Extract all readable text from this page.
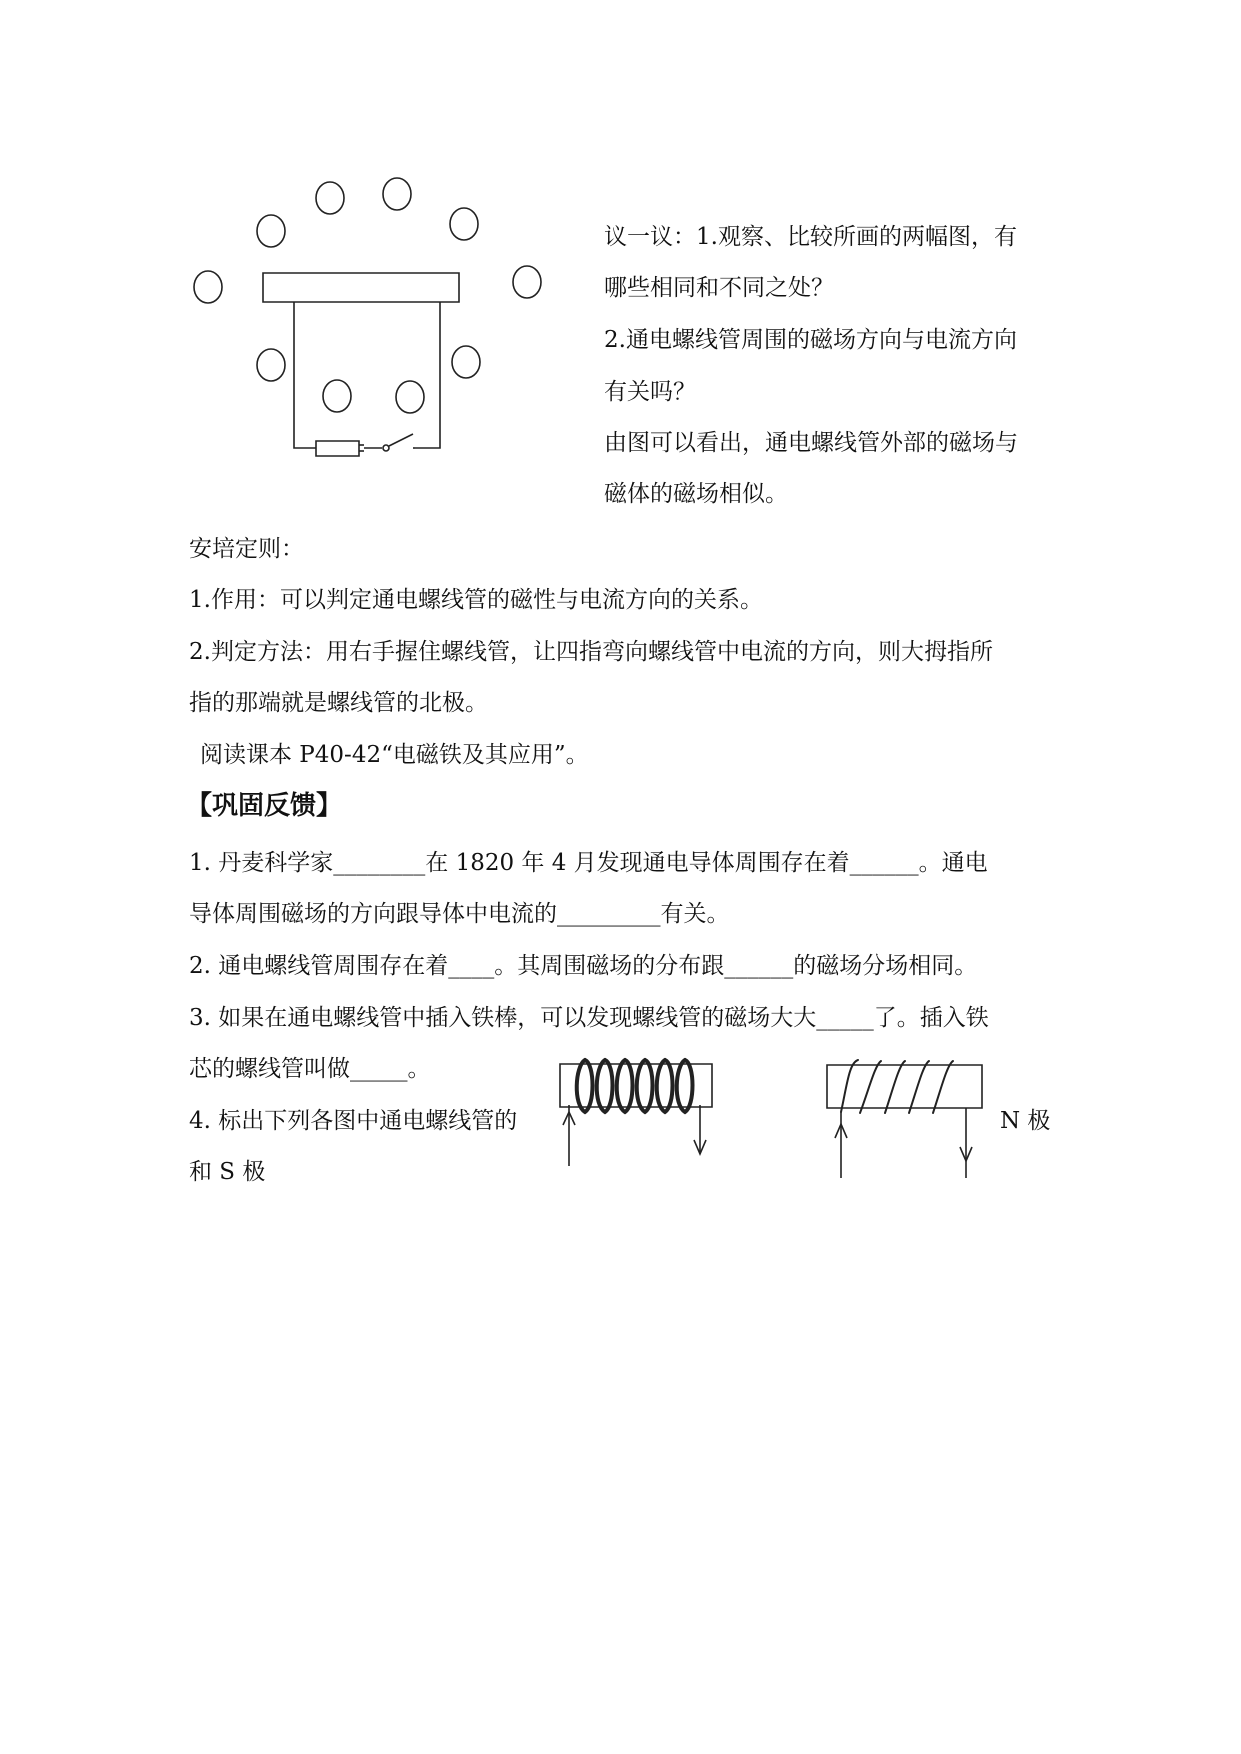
议一议：1.观察、比较所画的两幅图，有
哪些相同和不同之处？
2.通电螺线管周围的磁场方向与电流方向
有关吗？
由图可以看出，通电螺线管外部的磁场与
磁体的磁场相似。
安培定则：
1.作用：可以判定通电螺线管的磁性与电流方向的关系。
2.判定方法：用右手握住螺线管，让四指弯向螺线管中电流的方向，则大拇指所
指的那端就是螺线管的北极。
阅读课本 P40-42“电磁铁及其应用”。
【巩固反馈】
1. 丹麦科学家________在 1820 年 4 月发现通电导体周围存在着______。通电
导体周围磁场的方向跟导体中电流的_________有关。
2. 通电螺线管周围存在着____。其周围磁场的分布跟______的磁场分场相同。
3. 如果在通电螺线管中插入铁棒，可以发现螺线管的磁场大大_____了。插入铁
芯的螺线管叫做_____。
4. 标出下列各图中通电螺线管的
和 S 极
N 极
